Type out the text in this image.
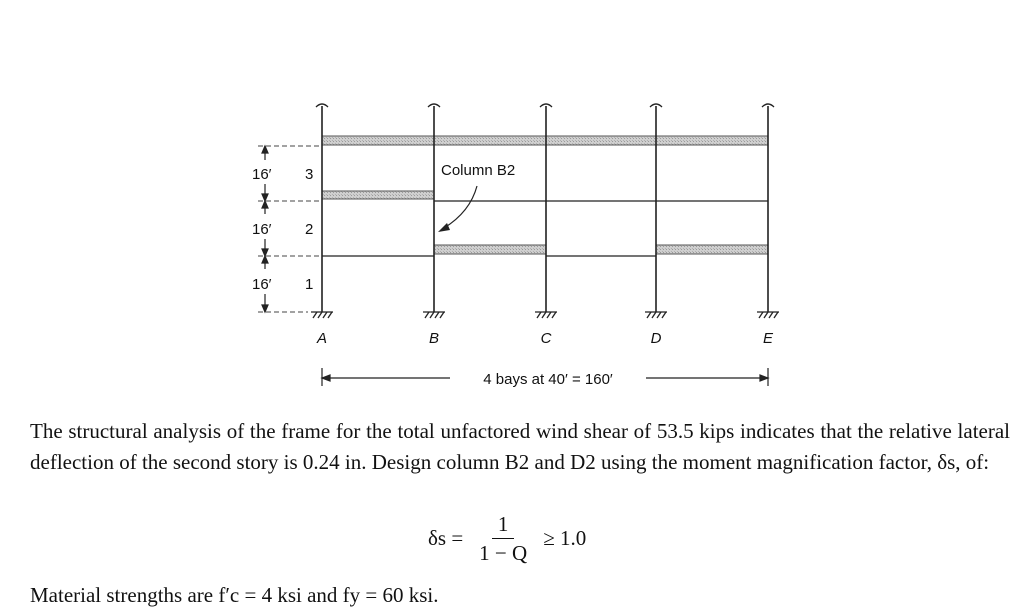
16′
16′
16′
3
2
1
A	B	C	D	E
Column B2
4 bays at 40′ = 160′

The structural analysis of the frame for the total unfactored wind shear of 53.5 kips indicates that the relative lateral deflection of the second story is 0.24 in. Design column B2 and D2 using the moment magnification factor, δs, of:

$\delta s = \frac{1}{1 - Q} \ge 1.0$

Material strengths are f′c = 4 ksi and fy = 60 ksi.
